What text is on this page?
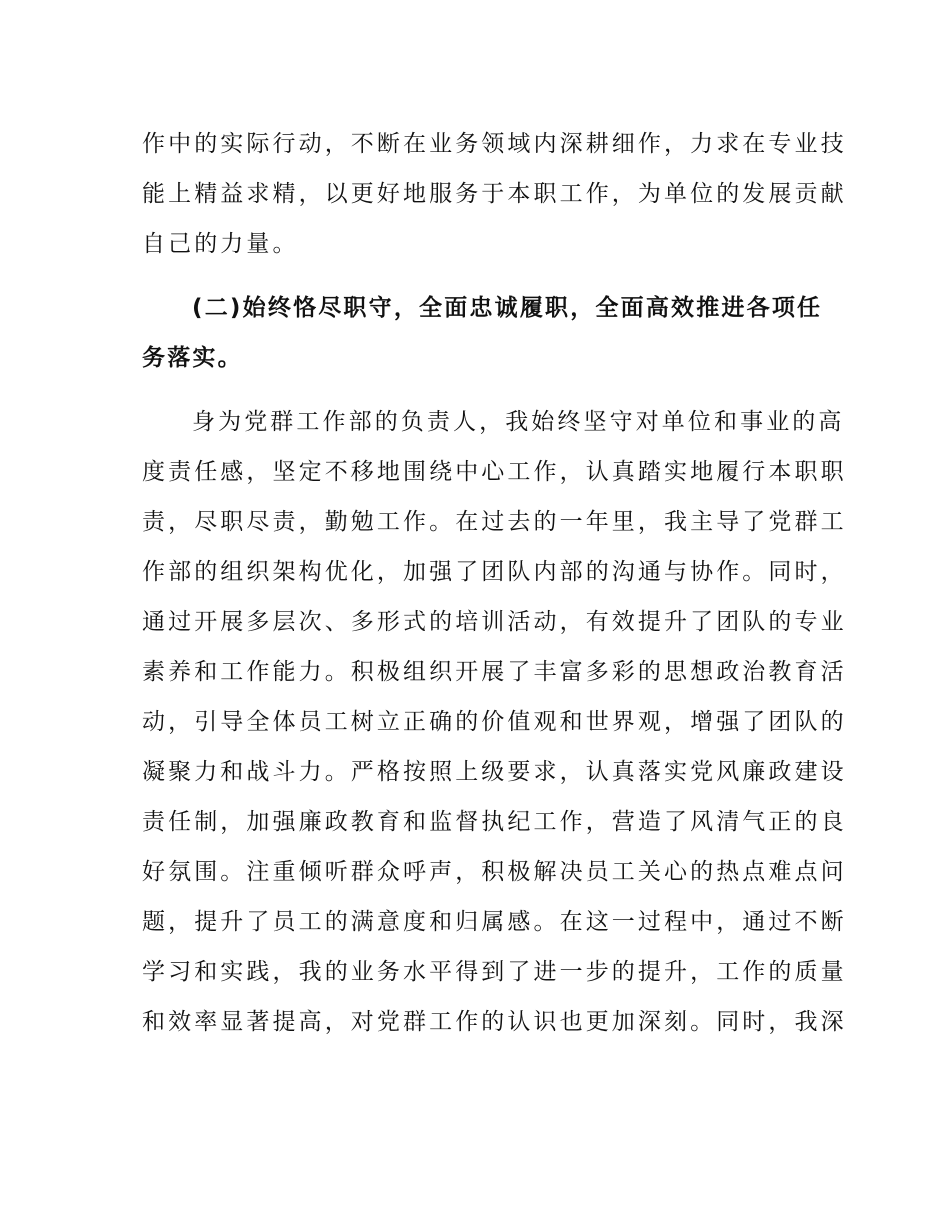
作中的实际行动，不断在业务领域内深耕细作，力求在专业技
能上精益求精，以更好地服务于本职工作，为单位的发展贡献
自己的力量。
(二)始终恪尽职守，全面忠诚履职，全面高效推进各项任
务落实。
身为党群工作部的负责人，我始终坚守对单位和事业的高
度责任感，坚定不移地围绕中心工作，认真踏实地履行本职职
责，尽职尽责，勤勉工作。在过去的一年里，我主导了党群工
作部的组织架构优化，加强了团队内部的沟通与协作。同时，
通过开展多层次、多形式的培训活动，有效提升了团队的专业
素养和工作能力。积极组织开展了丰富多彩的思想政治教育活
动，引导全体员工树立正确的价值观和世界观，增强了团队的
凝聚力和战斗力。严格按照上级要求，认真落实党风廉政建设
责任制，加强廉政教育和监督执纪工作，营造了风清气正的良
好氛围。注重倾听群众呼声，积极解决员工关心的热点难点问
题，提升了员工的满意度和归属感。在这一过程中，通过不断
学习和实践，我的业务水平得到了进一步的提升，工作的质量
和效率显著提高，对党群工作的认识也更加深刻。同时，我深
